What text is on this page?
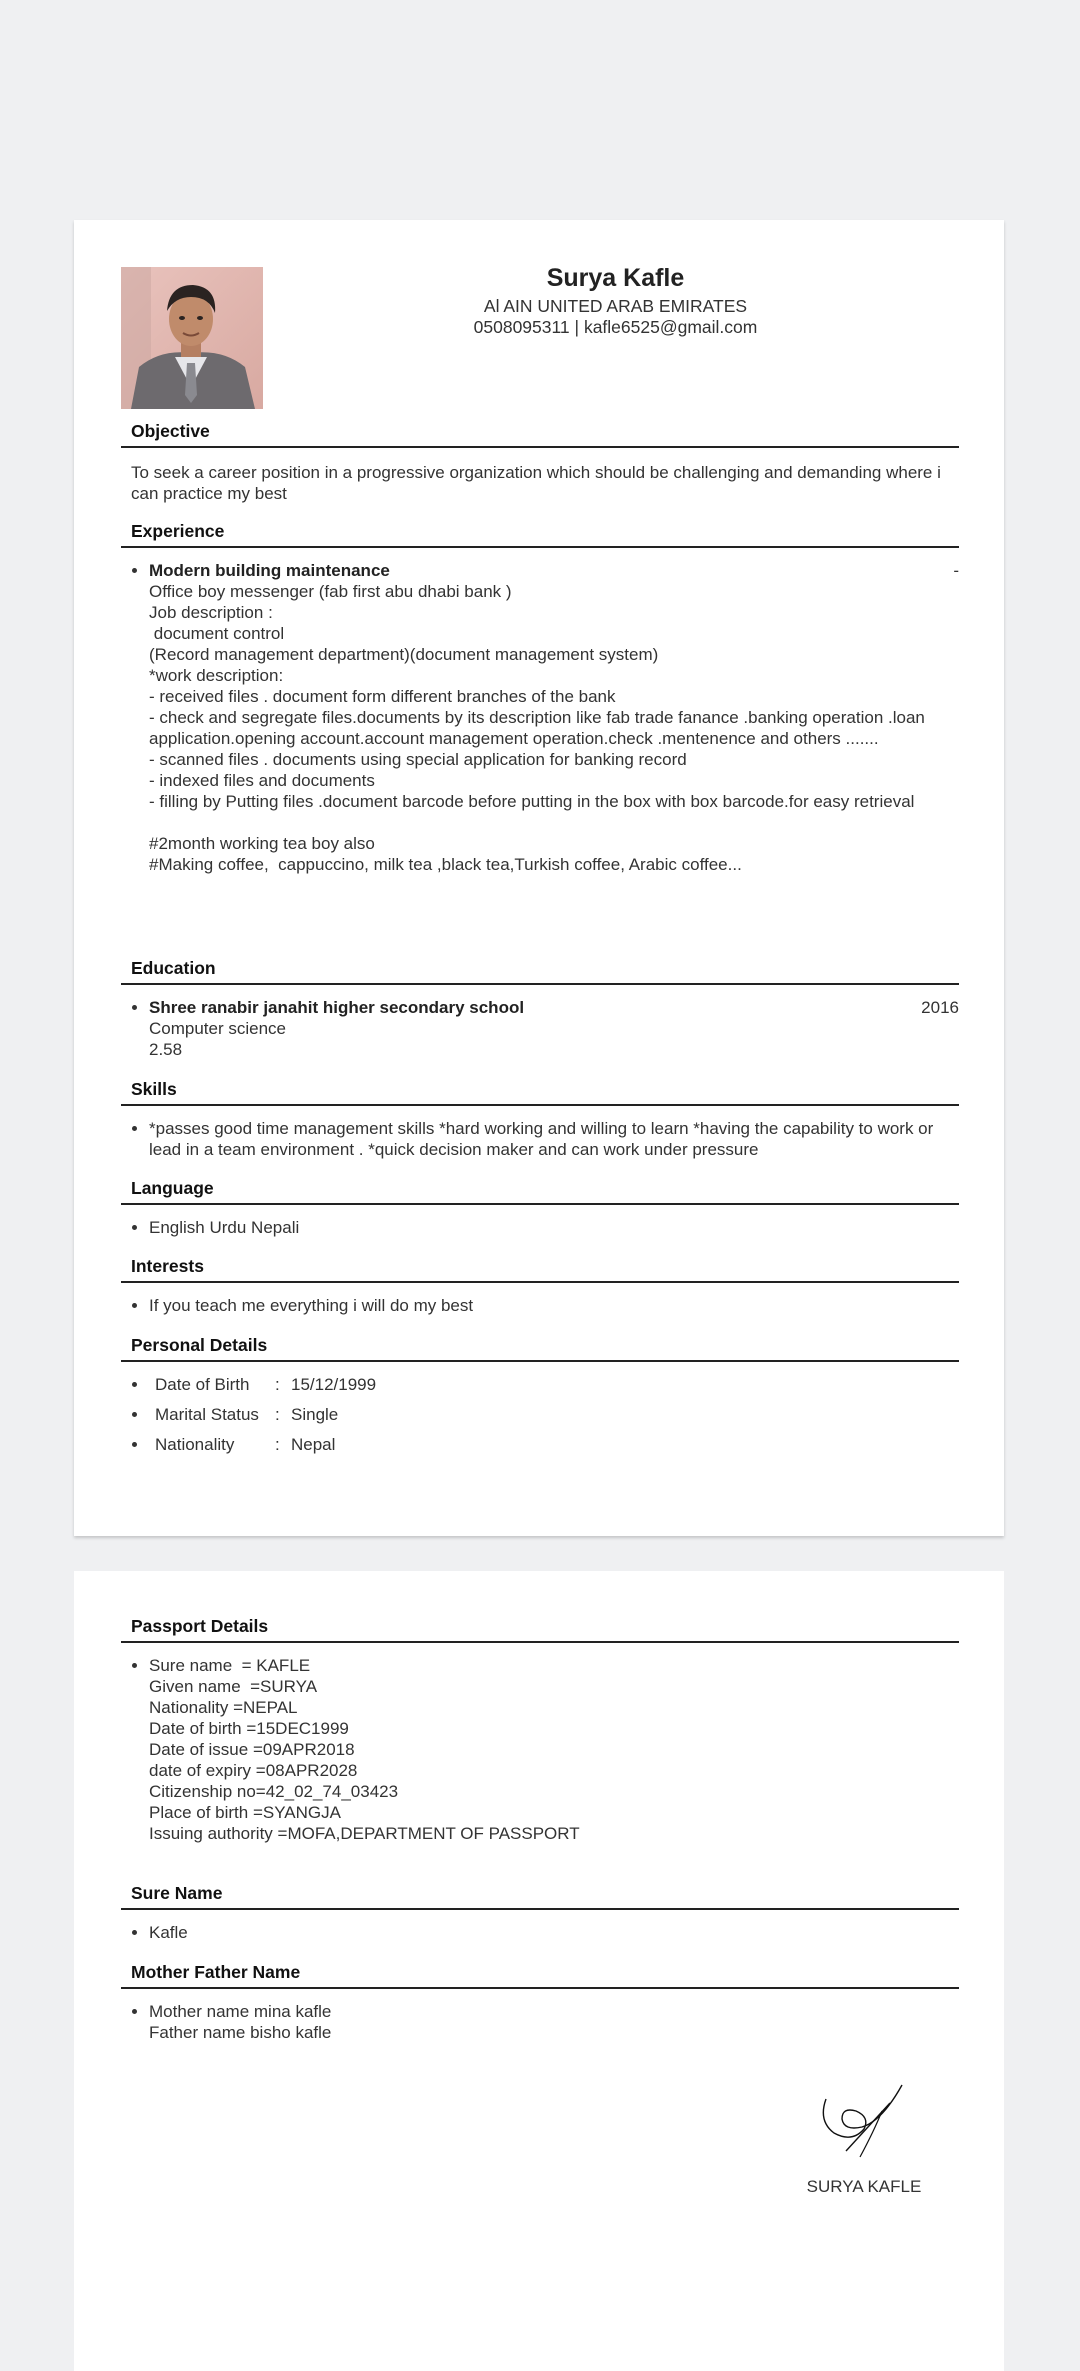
Surya Kafle
Al AIN UNITED ARAB EMIRATES
0508095311 | kafle6525@gmail.com
Objective

To seek a career position in a progressive organization which should be challenging and demanding where i can practice my best

Experience
• Modern building maintenance	-
Office boy messenger (fab first abu dhabi bank )
Job description :
document control
(Record management department)(document management system)
*work description:
- received files . document form different branches of the bank
- check and segregate files.documents by its description like fab trade fanance .banking operation .loan application.opening account.account management operation.check .mentenence and others .......
- scanned files . documents using special application for banking record
- indexed files and documents
- filling by Putting files .document barcode before putting in the box with box barcode.for easy retrieval

#2month working tea boy also
#Making coffee,  cappuccino, milk tea ,black tea,Turkish coffee, Arabic coffee...
Education
• Shree ranabir janahit higher secondary school	2016
Computer science
2.58
Skills
• *passes good time management skills *hard working and willing to learn *having the capability to work or lead in a team environment . *quick decision maker and can work under pressure
Language
• English Urdu Nepali
Interests
• If you teach me everything i will do my best
Personal Details
• Date of Birth : 15/12/1999
• Marital Status : Single
• Nationality : Nepal
Passport Details
• Sure name  = KAFLE
Given name  =SURYA
Nationality =NEPAL
Date of birth =15DEC1999
Date of issue =09APR2018
date of expiry =08APR2028
Citizenship no=42_02_74_03423
Place of birth =SYANGJA
Issuing authority =MOFA,DEPARTMENT OF PASSPORT
Sure Name
• Kafle
Mother Father Name
• Mother name mina kafle
Father name bisho kafle
SURYA KAFLE
